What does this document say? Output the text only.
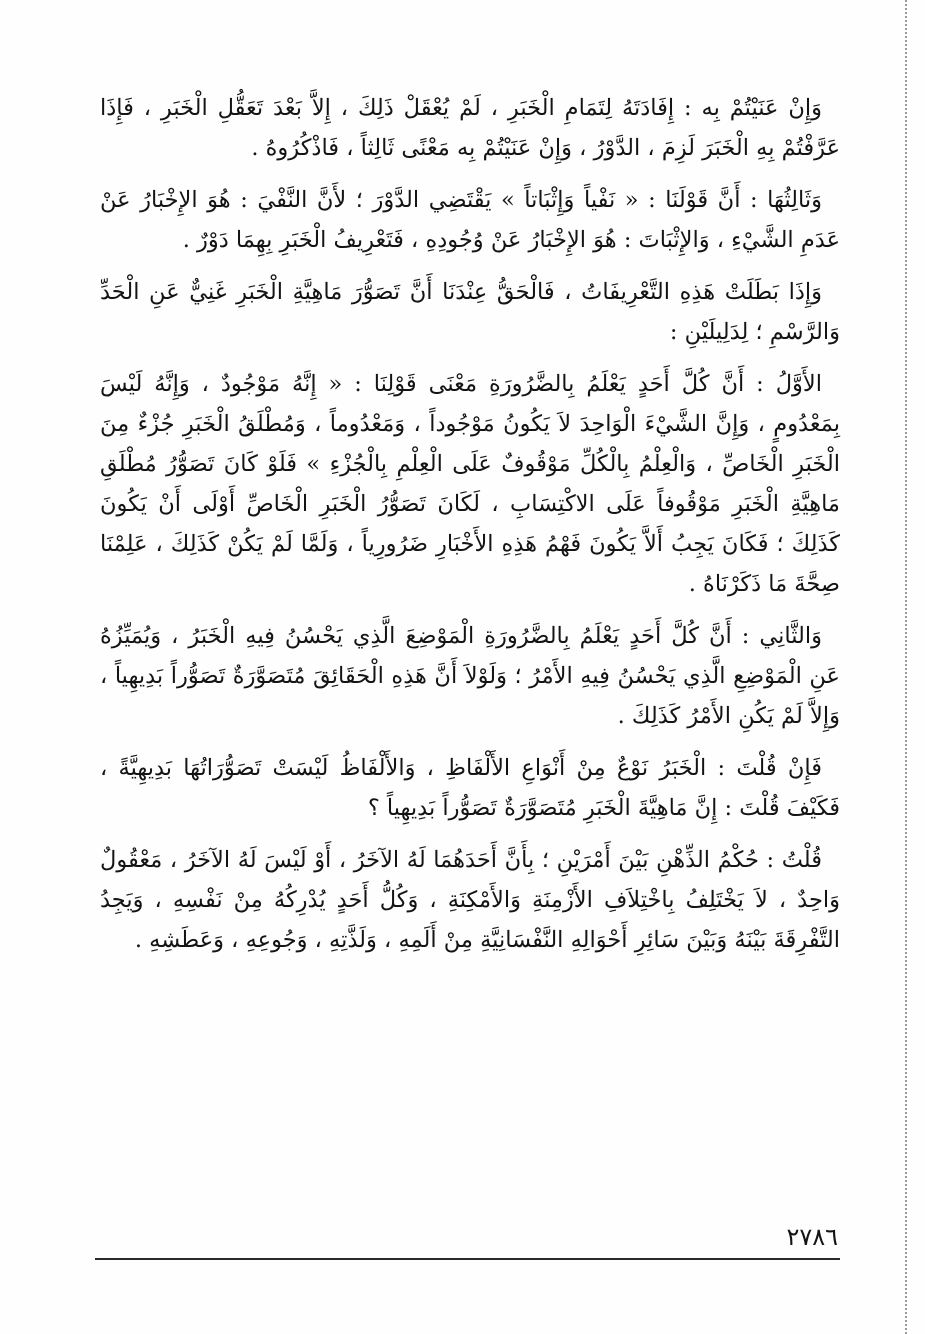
وَإِنْ عَنَيْتُمْ بِه : إِفَادَتَهُ لِتَمَامِ الْخَبَرِ ، لَمْ يُعْقَلْ ذَلِكَ ، إِلاَّ بَعْدَ تَعَقُّلِ الْخَبَرِ ، فَإِذَا عَرَّفْتُمْ بِهِ الْخَبَرَ لَزِمَ ، الدَّوْرُ ، وَإِنْ عَنَيْتُمْ بِه مَعْنًى ثَالِثاً ، فَاذْكُرُوهُ .

وَثَالِثُهَا : أَنَّ قَوْلَنَا : « نَفْياً وَإِثْبَاتاً » يَقْتَضِي الدَّوْرَ ؛ لأَنَّ النَّفْيَ : هُوَ الإِخْبَارُ عَنْ عَدَمِ الشَّيْءِ ، وَالإِثْبَاتَ : هُوَ الإِخْبَارُ عَنْ وُجُودِهِ ، فَتَعْرِيفُ الْخَبَرِ بِهِمَا دَوْرٌ .

وَإِذَا بَطَلَتْ هَذِهِ التَّعْرِيفَاتُ ، فَالْحَقُّ عِنْدَنَا أَنَّ تَصَوُّرَ مَاهِيَّةِ الْخَبَرِ غَنِيٌّ عَنِ الْحَدِّ وَالرَّسْمِ ؛ لِدَلِيلَيْنِ :

الأَوَّلُ : أَنَّ كُلَّ أَحَدٍ يَعْلَمُ بِالضَّرُورَةِ مَعْنَى قَوْلِنَا : « إِنَّهُ مَوْجُودٌ ، وَإِنَّهُ لَيْسَ بِمَعْدُومٍ ، وَإِنَّ الشَّيْءَ الْوَاحِدَ لاَ يَكُونُ مَوْجُوداً ، وَمَعْدُوماً ، وَمُطْلَقُ الْخَبَرِ جُزْءٌ مِنَ الْخَبَرِ الْخَاصِّ ، وَالْعِلْمُ بِالْكُلِّ مَوْقُوفٌ عَلَى الْعِلْمِ بِالْجُزْءِ » فَلَوْ كَانَ تَصَوُّرُ مُطْلَقِ مَاهِيَّةِ الْخَبَرِ مَوْقُوفاً عَلَى الاكْتِسَابِ ، لَكَانَ تَصَوُّرُ الْخَبَرِ الْخَاصِّ أَوْلَى أَنْ يَكُونَ كَذَلِكَ ؛ فَكَانَ يَجِبُ أَلاَّ يَكُونَ فَهْمُ هَذِهِ الأَخْبَارِ ضَرُورِياً ، وَلَمَّا لَمْ يَكُنْ كَذَلِكَ ، عَلِمْنَا صِحَّةَ مَا ذَكَرْنَاهُ .

وَالثَّانِي : أَنَّ كُلَّ أَحَدٍ يَعْلَمُ بِالضَّرُورَةِ الْمَوْضِعَ الَّذِي يَحْسُنُ فِيهِ الْخَبَرُ ، وَيُمَيِّزُهُ عَنِ الْمَوْضِعِ الَّذِي يَحْسُنُ فِيهِ الأَمْرُ ؛ وَلَوْلاَ أَنَّ هَذِهِ الْحَقَائِقَ مُتَصَوَّرَةٌ تَصَوُّراً بَدِيهِياً ، وَإِلاَّ لَمْ يَكُنِ الأَمْرُ كَذَلِكَ .

فَإِنْ قُلْتَ : الْخَبَرُ نَوْعٌ مِنْ أَنْوَاعِ الأَلْفَاظِ ، وَالأَلْفَاظُ لَيْسَتْ تَصَوُّرَاتُهَا بَدِيهِيَّةً ، فَكَيْفَ قُلْتَ : إِنَّ مَاهِيَّةَ الْخَبَرِ مُتَصَوَّرَةٌ تَصَوُّراً بَدِيهِياً ؟

قُلْتُ : حُكْمُ الذِّهْنِ بَيْنَ أَمْرَيْنِ ؛ بِأَنَّ أَحَدَهُمَا لَهُ الآخَرُ ، أَوْ لَيْسَ لَهُ الآخَرُ ، مَعْقُولٌ وَاحِدٌ ، لاَ يَخْتَلِفُ بِاخْتِلاَفِ الأَزْمِنَةِ وَالأَمْكِنَةِ ، وَكُلُّ أَحَدٍ يُدْرِكُهُ مِنْ نَفْسِهِ ، وَيَجِدُ التَّفْرِقَةَ بَيْنَهُ وَبَيْنَ سَائِرِ أَحْوَالِهِ النَّفْسَانِيَّةِ مِنْ أَلَمِهِ ، وَلَذَّتِهِ ، وَجُوعِهِ ، وَعَطَشِهِ .

٢٧٨٦
